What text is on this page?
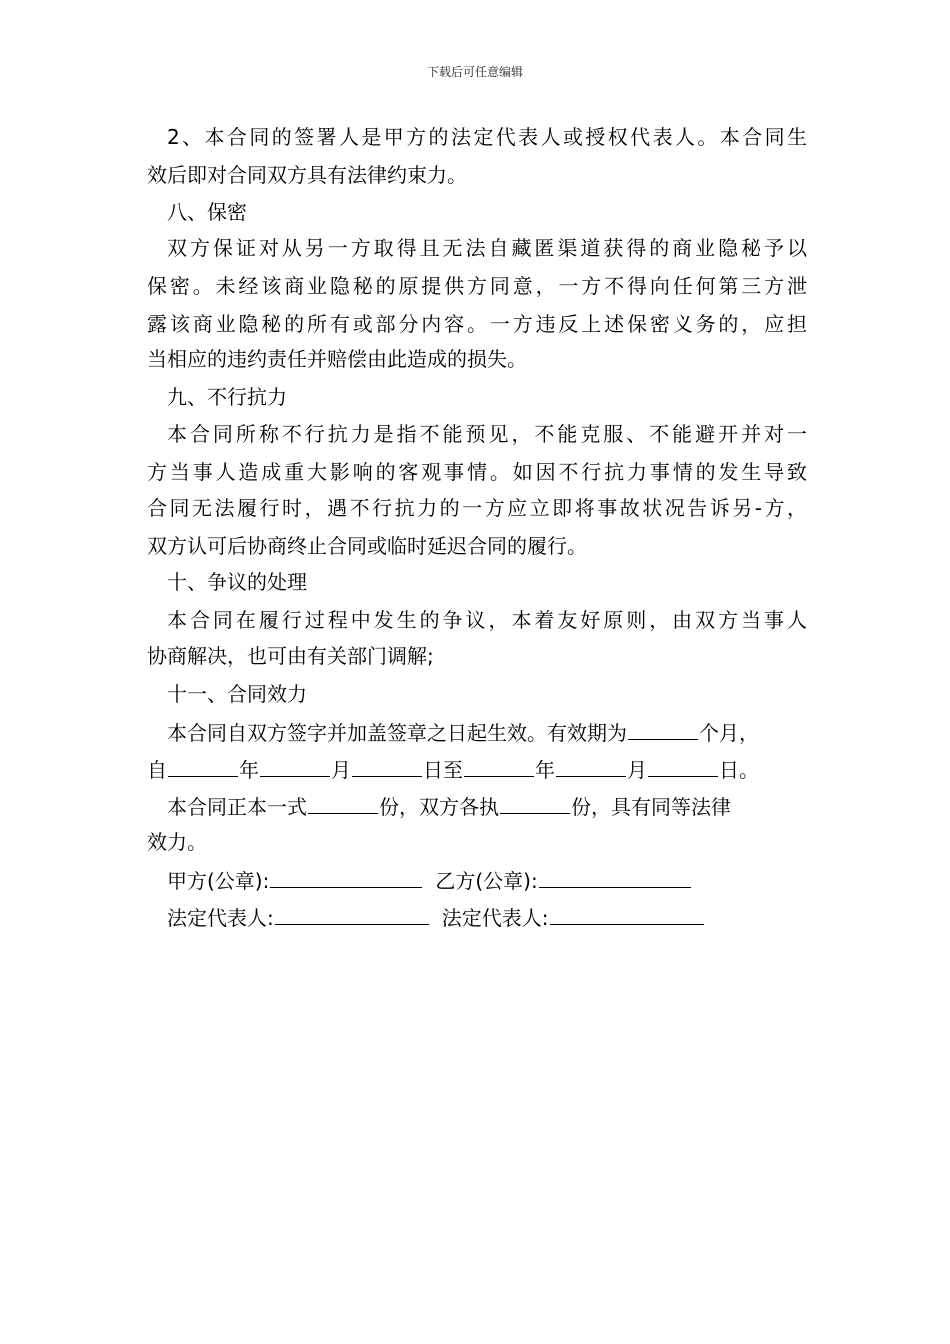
下载后可任意编辑
2、本合同的签署人是甲方的法定代表人或授权代表人。本合同生
效后即对合同双方具有法律约束力。
八、保密
双方保证对从另一方取得且无法自藏匿渠道获得的商业隐秘予以
保密。未经该商业隐秘的原提供方同意，一方不得向任何第三方泄
露该商业隐秘的所有或部分内容。一方违反上述保密义务的，应担
当相应的违约责任并赔偿由此造成的损失。
九、不行抗力
本合同所称不行抗力是指不能预见，不能克服、不能避开并对一
方当事人造成重大影响的客观事情。如因不行抗力事情的发生导致
合同无法履行时，遇不行抗力的一方应立即将事故状况告诉另-方，
双方认可后协商终止合同或临时延迟合同的履行。
十、争议的处理
本合同在履行过程中发生的争议，本着友好原则，由双方当事人
协商解决，也可由有关部门调解;
十一、合同效力
本合同自双方签字并加盖签章之日起生效。有效期为	个月，
自	年	月	日至	年	月	日。
本合同正本一式	份，双方各执	份，具有同等法律
效力。
甲方(公章):	乙方(公章):
法定代表人:	法定代表人:
